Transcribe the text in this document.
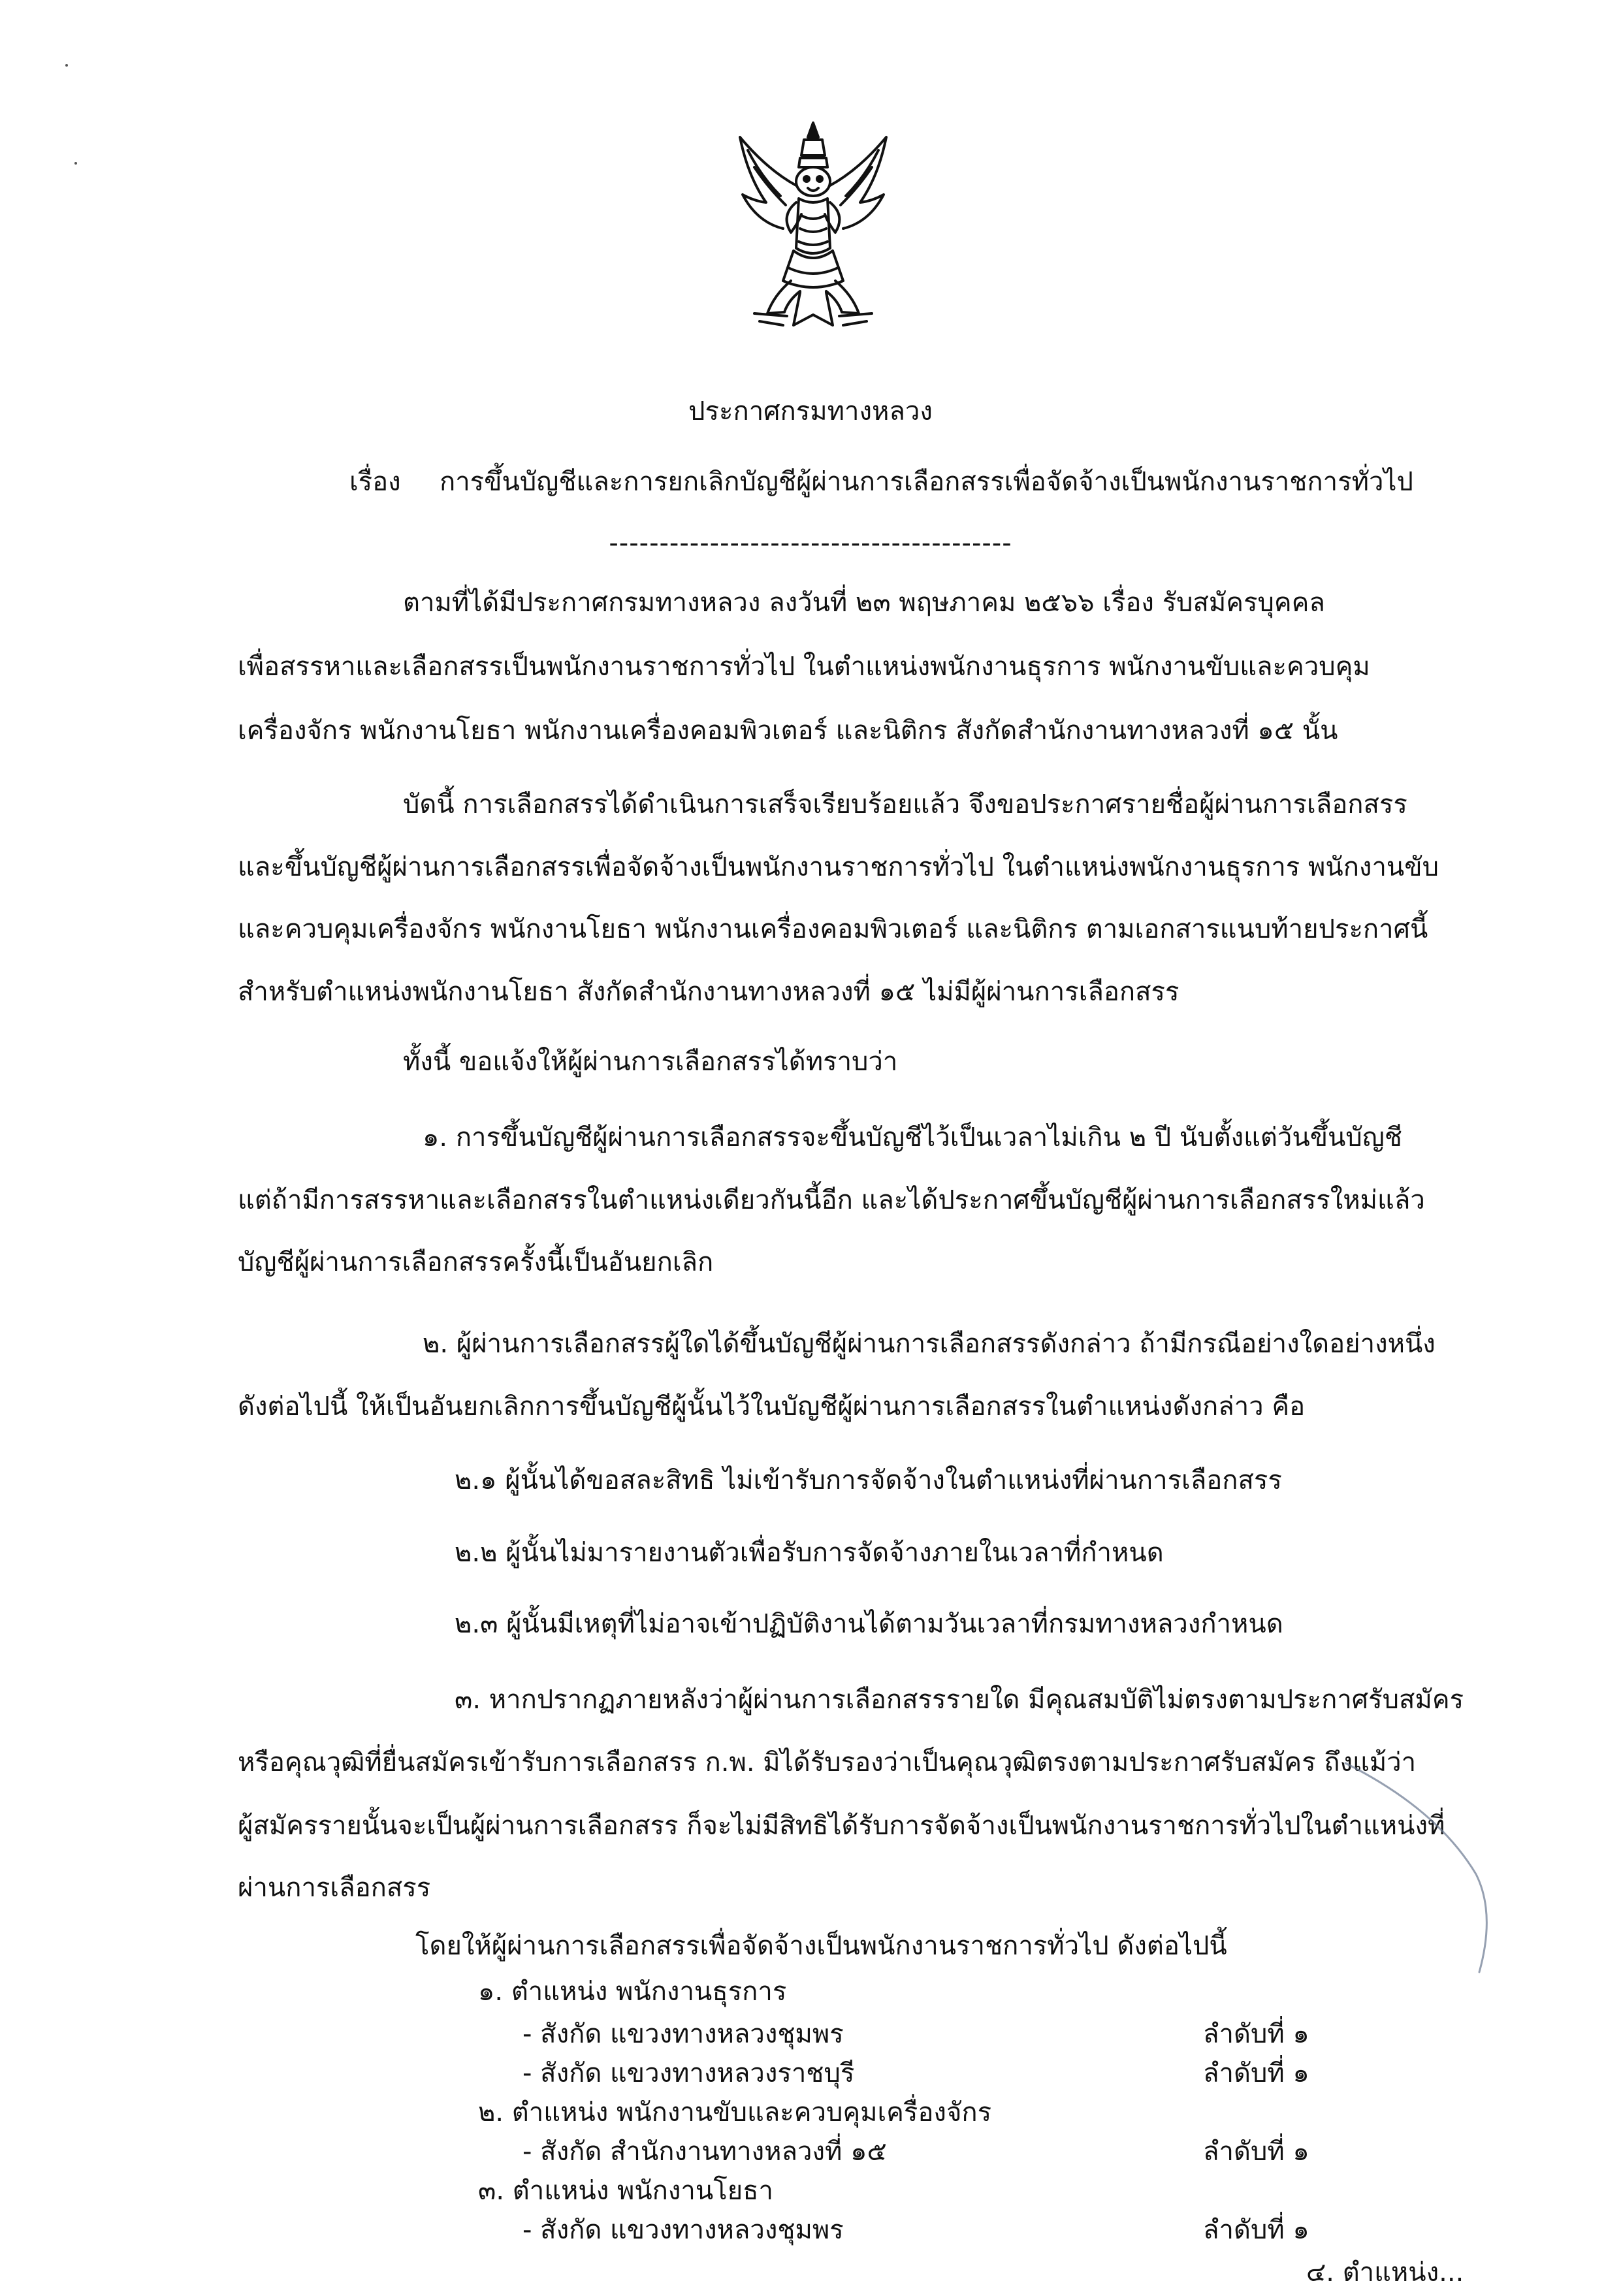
ประกาศกรมทางหลวง
เรื่อง การขึ้นบัญชีและการยกเลิกบัญชีผู้ผ่านการเลือกสรรเพื่อจัดจ้างเป็นพนักงานราชการทั่วไป
----------------------------------------
ตามที่ได้มีประกาศกรมทางหลวง ลงวันที่ ๒๓ พฤษภาคม ๒๕๖๖ เรื่อง รับสมัครบุคคล
เพื่อสรรหาและเลือกสรรเป็นพนักงานราชการทั่วไป ในตำแหน่งพนักงานธุรการ พนักงานขับและควบคุม
เครื่องจักร พนักงานโยธา พนักงานเครื่องคอมพิวเตอร์ และนิติกร สังกัดสำนักงานทางหลวงที่ ๑๕ นั้น
บัดนี้ การเลือกสรรได้ดำเนินการเสร็จเรียบร้อยแล้ว จึงขอประกาศรายชื่อผู้ผ่านการเลือกสรร
และขึ้นบัญชีผู้ผ่านการเลือกสรรเพื่อจัดจ้างเป็นพนักงานราชการทั่วไป ในตำแหน่งพนักงานธุรการ พนักงานขับ
และควบคุมเครื่องจักร พนักงานโยธา พนักงานเครื่องคอมพิวเตอร์ และนิติกร ตามเอกสารแนบท้ายประกาศนี้
สำหรับตำแหน่งพนักงานโยธา สังกัดสำนักงานทางหลวงที่ ๑๕ ไม่มีผู้ผ่านการเลือกสรร
ทั้งนี้ ขอแจ้งให้ผู้ผ่านการเลือกสรรได้ทราบว่า
๑. การขึ้นบัญชีผู้ผ่านการเลือกสรรจะขึ้นบัญชีไว้เป็นเวลาไม่เกิน ๒ ปี นับตั้งแต่วันขึ้นบัญชี
แต่ถ้ามีการสรรหาและเลือกสรรในตำแหน่งเดียวกันนี้อีก และได้ประกาศขึ้นบัญชีผู้ผ่านการเลือกสรรใหม่แล้ว
บัญชีผู้ผ่านการเลือกสรรครั้งนี้เป็นอันยกเลิก
๒. ผู้ผ่านการเลือกสรรผู้ใดได้ขึ้นบัญชีผู้ผ่านการเลือกสรรดังกล่าว ถ้ามีกรณีอย่างใดอย่างหนึ่ง
ดังต่อไปนี้ ให้เป็นอันยกเลิกการขึ้นบัญชีผู้นั้นไว้ในบัญชีผู้ผ่านการเลือกสรรในตำแหน่งดังกล่าว คือ
๒.๑ ผู้นั้นได้ขอสละสิทธิ ไม่เข้ารับการจัดจ้างในตำแหน่งที่ผ่านการเลือกสรร
๒.๒ ผู้นั้นไม่มารายงานตัวเพื่อรับการจัดจ้างภายในเวลาที่กำหนด
๒.๓ ผู้นั้นมีเหตุที่ไม่อาจเข้าปฏิบัติงานได้ตามวันเวลาที่กรมทางหลวงกำหนด
๓. หากปรากฏภายหลังว่าผู้ผ่านการเลือกสรรรายใด มีคุณสมบัติไม่ตรงตามประกาศรับสมัคร
หรือคุณวุฒิที่ยื่นสมัครเข้ารับการเลือกสรร ก.พ. มิได้รับรองว่าเป็นคุณวุฒิตรงตามประกาศรับสมัคร ถึงแม้ว่า
ผู้สมัครรายนั้นจะเป็นผู้ผ่านการเลือกสรร ก็จะไม่มีสิทธิได้รับการจัดจ้างเป็นพนักงานราชการทั่วไปในตำแหน่งที่
ผ่านการเลือกสรร
โดยให้ผู้ผ่านการเลือกสรรเพื่อจัดจ้างเป็นพนักงานราชการทั่วไป ดังต่อไปนี้
๑. ตำแหน่ง พนักงานธุรการ
- สังกัด แขวงทางหลวงชุมพร	ลำดับที่ ๑
- สังกัด แขวงทางหลวงราชบุรี	ลำดับที่ ๑
๒. ตำแหน่ง พนักงานขับและควบคุมเครื่องจักร
- สังกัด สำนักงานทางหลวงที่ ๑๕	ลำดับที่ ๑
๓. ตำแหน่ง พนักงานโยธา
- สังกัด แขวงทางหลวงชุมพร	ลำดับที่ ๑
๔. ตำแหน่ง...
